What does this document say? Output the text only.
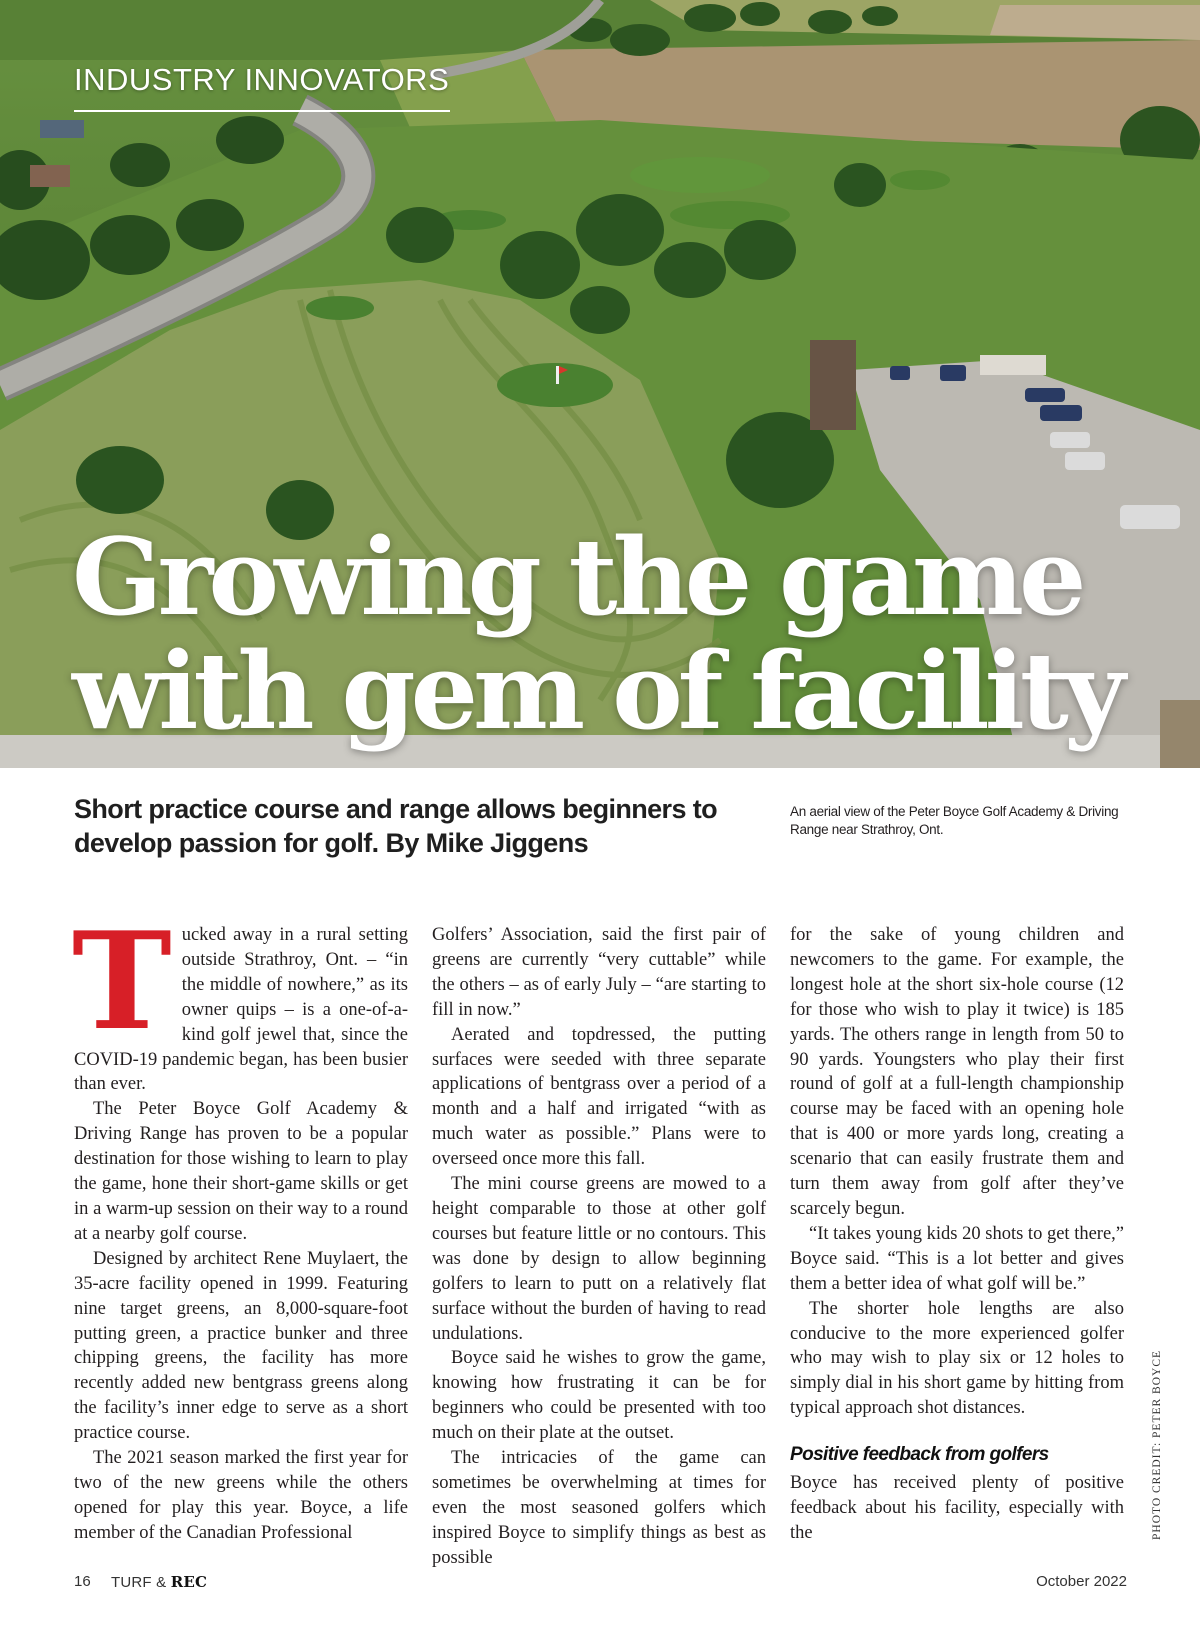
INDUSTRY INNOVATORS
Growing the game
with gem of facility

Short practice course and range allows beginners to develop passion for golf. By Mike Jiggens

An aerial view of the Peter Boyce Golf Academy & Driving Range near Strathroy, Ont.

Tucked away in a rural setting outside Strathroy, Ont. – “in the middle of nowhere,” as its owner quips – is a one-of-a-kind golf jewel that, since the COVID-19 pandemic began, has been busier than ever.

The Peter Boyce Golf Academy & Driving Range has proven to be a popular destination for those wishing to learn to play the game, hone their short-game skills or get in a warm-up session on their way to a round at a nearby golf course.

Designed by architect Rene Muylaert, the 35-acre facility opened in 1999. Featuring nine target greens, an 8,000-square-foot putting green, a practice bunker and three chipping greens, the facility has more recently added new bentgrass greens along the facility’s inner edge to serve as a short practice course.

The 2021 season marked the first year for two of the new greens while the others opened for play this year. Boyce, a life member of the Canadian Professional

Golfers’ Association, said the first pair of greens are currently “very cuttable” while the others – as of early July – “are starting to fill in now.”

Aerated and topdressed, the putting surfaces were seeded with three separate applications of bentgrass over a period of a month and a half and irrigated “with as much water as possible.” Plans were to overseed once more this fall.

The mini course greens are mowed to a height comparable to those at other golf courses but feature little or no contours. This was done by design to allow beginning golfers to learn to putt on a relatively flat surface without the burden of having to read undulations.

Boyce said he wishes to grow the game, knowing how frustrating it can be for beginners who could be presented with too much on their plate at the outset.

The intricacies of the game can sometimes be overwhelming at times for even the most seasoned golfers which inspired Boyce to simplify things as best as possible

for the sake of young children and newcomers to the game. For example, the longest hole at the short six-hole course (12 for those who wish to play it twice) is 185 yards. The others range in length from 50 to 90 yards. Youngsters who play their first round of golf at a full-length championship course may be faced with an opening hole that is 400 or more yards long, creating a scenario that can easily frustrate them and turn them away from golf after they’ve scarcely begun.

“It takes young kids 20 shots to get there,” Boyce said. “This is a lot better and gives them a better idea of what golf will be.”

The shorter hole lengths are also conducive to the more experienced golfer who may wish to play six or 12 holes to simply dial in his short game by hitting from typical approach shot distances.

Positive feedback from golfers

Boyce has received plenty of positive feedback about his facility, especially with the	PHOTO CREDIT: PETER BOYCE
16 TURF & REC	October 2022
